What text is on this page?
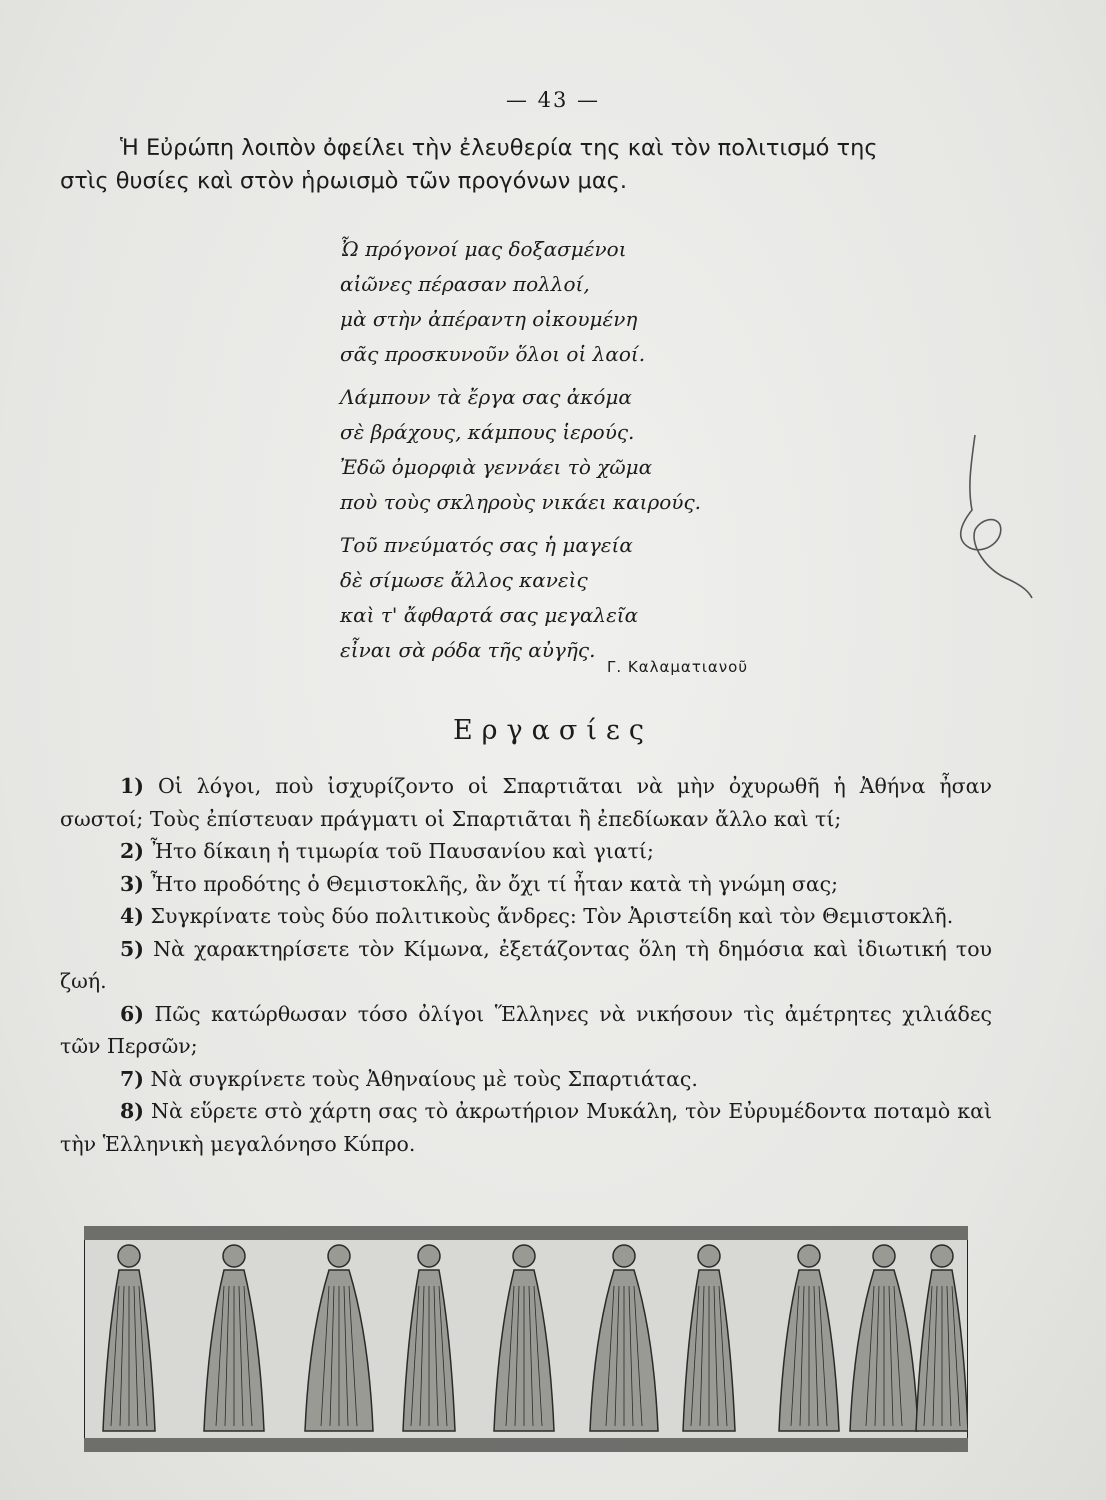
— 43 —

Ἡ Εὐρώπη λοιπὸν ὀφείλει τὴν ἐλευθερία της καὶ τὸν πολιτισμό της

στὶς θυσίες καὶ στὸν ἡρωισμὸ τῶν προγόνων μας.

Ὦ πρόγονοί μας δοξασμένοι
αἰῶνες πέρασαν πολλοί,
μὰ στὴν ἀπέραντη οἰκουμένη
σᾶς προσκυνοῦν ὅλοι οἱ λαοί.
Λάμπουν τὰ ἔργα σας ἀκόμα
σὲ βράχους, κάμπους ἱερούς.
Ἐδῶ ὀμορφιὰ γεννάει τὸ χῶμα
ποὺ τοὺς σκληροὺς νικάει καιρούς.
Τοῦ πνεύματός σας ἡ μαγεία
δὲ σίμωσε ἄλλος κανεὶς
καὶ τ' ἄφθαρτά σας μεγαλεῖα
εἶναι σὰ ρόδα τῆς αὐγῆς.
Γ. Καλαματιανοῦ
Εργασίες

1) Οἱ λόγοι, ποὺ ἰσχυρίζοντο οἱ Σπαρτιᾶται νὰ μὴν ὀχυρωθῆ ἡ Ἀθήνα ἦσαν σωστοί; Τοὺς ἐπίστευαν πράγματι οἱ Σπαρτιᾶται ἢ ἐπεδίωκαν ἄλλο καὶ τί;

2) Ἦτο δίκαιη ἡ τιμωρία τοῦ Παυσανίου καὶ γιατί;

3) Ἦτο προδότης ὁ Θεμιστοκλῆς, ἂν ὄχι τί ἦταν κατὰ τὴ γνώμη σας;

4) Συγκρίνατε τοὺς δύο πολιτικοὺς ἄνδρες: Τὸν Ἀριστείδη καὶ τὸν Θεμιστοκλῆ.

5) Νὰ χαρακτηρίσετε τὸν Κίμωνα, ἐξετάζοντας ὅλη τὴ δημόσια καὶ ἰδιωτική του ζωή.

6) Πῶς κατώρθωσαν τόσο ὀλίγοι Ἕλληνες νὰ νικήσουν τὶς ἀμέτρητες χιλιάδες τῶν Περσῶν;

7) Νὰ συγκρίνετε τοὺς Ἀθηναίους μὲ τοὺς Σπαρτιάτας.

8) Νὰ εὕρετε στὸ χάρτη σας τὸ ἀκρωτήριον Μυκάλη, τὸν Εὐρυμέδοντα ποταμὸ καὶ τὴν Ἑλληνικὴ μεγαλόνησο Κύπρο.
